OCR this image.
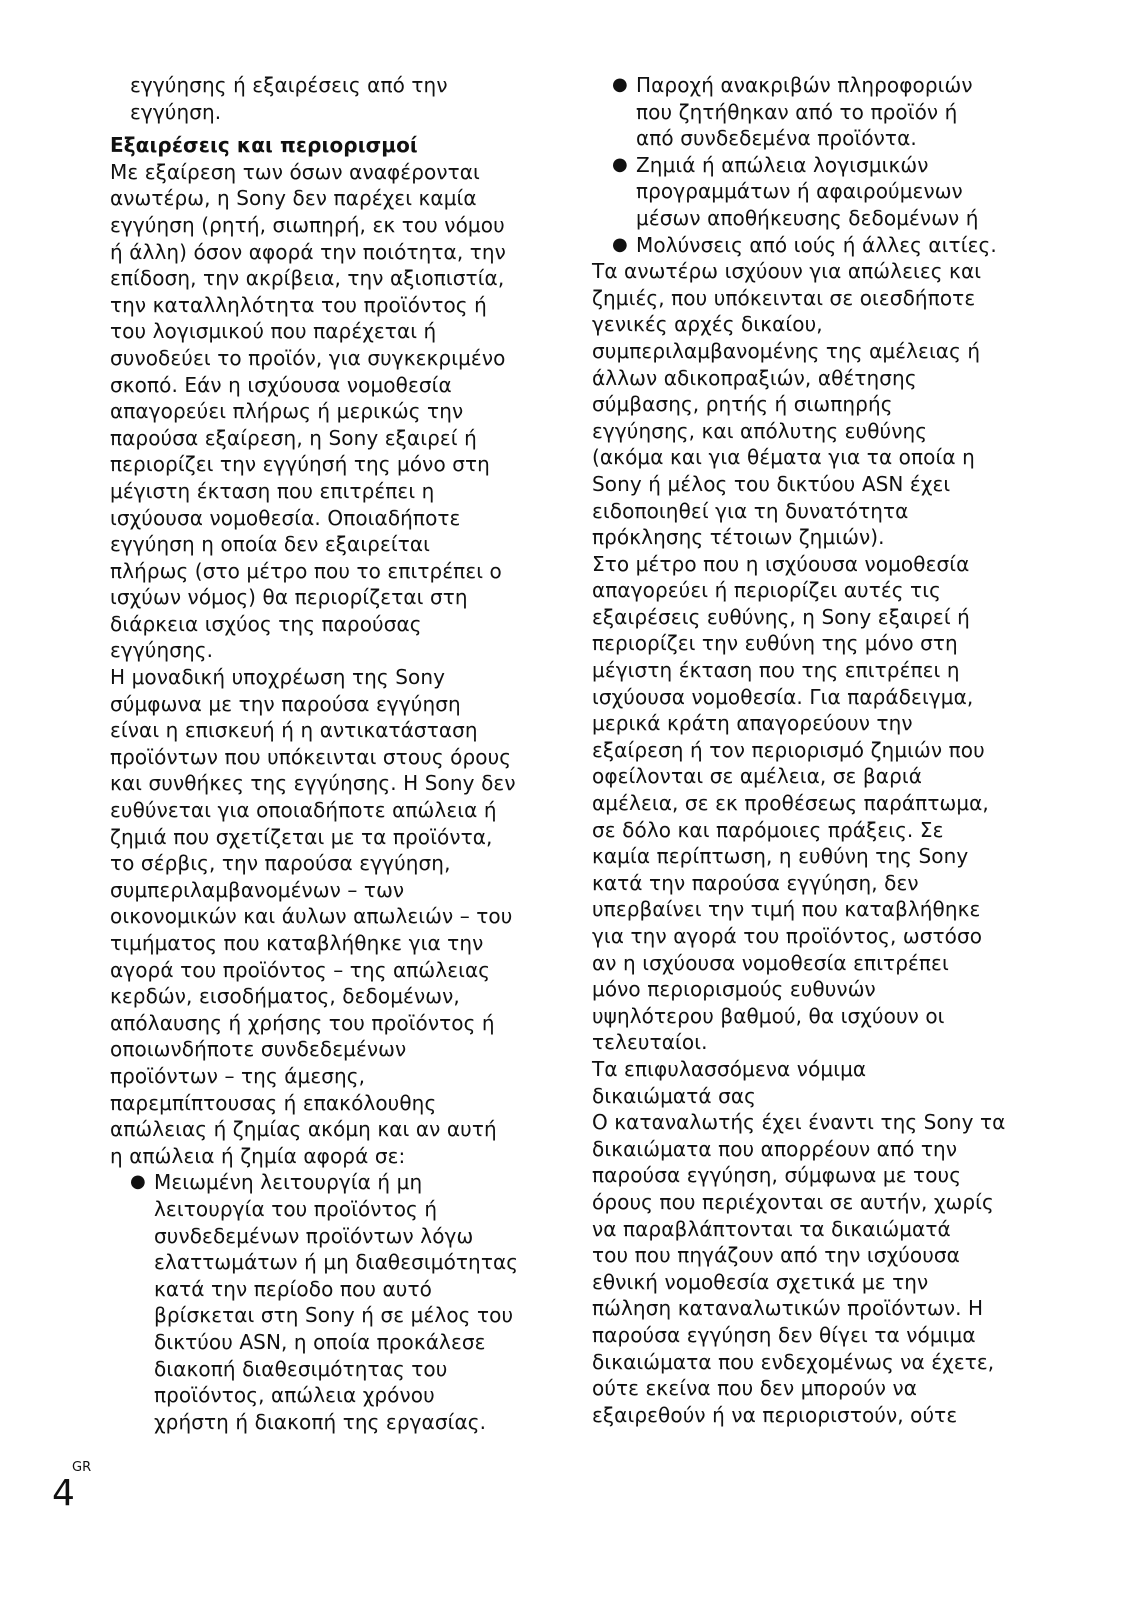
εγγύησης ή εξαιρέσεις από την
εγγύηση.
Εξαιρέσεις και περιορισμοί
Με εξαίρεση των όσων αναφέρονται
ανωτέρω, η Sony δεν παρέχει καμία
εγγύηση (ρητή, σιωπηρή, εκ του νόμου
ή άλλη) όσον αφορά την ποιότητα, την
επίδοση, την ακρίβεια, την αξιοπιστία,
την καταλληλότητα του προϊόντος ή
του λογισμικού που παρέχεται ή
συνοδεύει το προϊόν, για συγκεκριμένο
σκοπό. Εάν η ισχύουσα νομοθεσία
απαγορεύει πλήρως ή μερικώς την
παρούσα εξαίρεση, η Sony εξαιρεί ή
περιορίζει την εγγύησή της μόνο στη
μέγιστη έκταση που επιτρέπει η
ισχύουσα νομοθεσία. Οποιαδήποτε
εγγύηση η οποία δεν εξαιρείται
πλήρως (στο μέτρο που το επιτρέπει ο
ισχύων νόμος) θα περιορίζεται στη
διάρκεια ισχύος της παρούσας
εγγύησης.
Η μοναδική υποχρέωση της Sony
σύμφωνα με την παρούσα εγγύηση
είναι η επισκευή ή η αντικατάσταση
προϊόντων που υπόκεινται στους όρους
και συνθήκες της εγγύησης. Η Sony δεν
ευθύνεται για οποιαδήποτε απώλεια ή
ζημιά που σχετίζεται με τα προϊόντα,
το σέρβις, την παρούσα εγγύηση,
συμπεριλαμβανομένων – των
οικονομικών και άυλων απωλειών – του
τιμήματος που καταβλήθηκε για την
αγορά του προϊόντος – της απώλειας
κερδών, εισοδήματος, δεδομένων,
απόλαυσης ή χρήσης του προϊόντος ή
οποιωνδήποτε συνδεδεμένων
προϊόντων – της άμεσης,
παρεμπίπτουσας ή επακόλουθης
απώλειας ή ζημίας ακόμη και αν αυτή
η απώλεια ή ζημία αφορά σε:
● Μειωμένη λειτουργία ή μη
λειτουργία του προϊόντος ή
συνδεδεμένων προϊόντων λόγω
ελαττωμάτων ή μη διαθεσιμότητας
κατά την περίοδο που αυτό
βρίσκεται στη Sony ή σε μέλος του
δικτύου ASN, η οποία προκάλεσε
διακοπή διαθεσιμότητας του
προϊόντος, απώλεια χρόνου
χρήστη ή διακοπή της εργασίας.
● Παροχή ανακριβών πληροφοριών
που ζητήθηκαν από το προϊόν ή
από συνδεδεμένα προϊόντα.
● Ζημιά ή απώλεια λογισμικών
προγραμμάτων ή αφαιρούμενων
μέσων αποθήκευσης δεδομένων ή
● Μολύνσεις από ιούς ή άλλες αιτίες.
Τα ανωτέρω ισχύουν για απώλειες και
ζημιές, που υπόκεινται σε οιεσδήποτε
γενικές αρχές δικαίου,
συμπεριλαμβανομένης της αμέλειας ή
άλλων αδικοπραξιών, αθέτησης
σύμβασης, ρητής ή σιωπηρής
εγγύησης, και απόλυτης ευθύνης
(ακόμα και για θέματα για τα οποία η
Sony ή μέλος του δικτύου ASN έχει
ειδοποιηθεί για τη δυνατότητα
πρόκλησης τέτοιων ζημιών).
Στο μέτρο που η ισχύουσα νομοθεσία
απαγορεύει ή περιορίζει αυτές τις
εξαιρέσεις ευθύνης, η Sony εξαιρεί ή
περιορίζει την ευθύνη της μόνο στη
μέγιστη έκταση που της επιτρέπει η
ισχύουσα νομοθεσία. Για παράδειγμα,
μερικά κράτη απαγορεύουν την
εξαίρεση ή τον περιορισμό ζημιών που
οφείλονται σε αμέλεια, σε βαριά
αμέλεια, σε εκ προθέσεως παράπτωμα,
σε δόλο και παρόμοιες πράξεις. Σε
καμία περίπτωση, η ευθύνη της Sony
κατά την παρούσα εγγύηση, δεν
υπερβαίνει την τιμή που καταβλήθηκε
για την αγορά του προϊόντος, ωστόσο
αν η ισχύουσα νομοθεσία επιτρέπει
μόνο περιορισμούς ευθυνών
υψηλότερου βαθμού, θα ισχύουν οι
τελευταίοι.
Τα επιφυλασσόμενα νόμιμα
δικαιώματά σας
Ο καταναλωτής έχει έναντι της Sony τα
δικαιώματα που απορρέουν από την
παρούσα εγγύηση, σύμφωνα με τους
όρους που περιέχονται σε αυτήν, χωρίς
να παραβλάπτονται τα δικαιώματά
του που πηγάζουν από την ισχύουσα
εθνική νομοθεσία σχετικά με την
πώληση καταναλωτικών προϊόντων. Η
παρούσα εγγύηση δεν θίγει τα νόμιμα
δικαιώματα που ενδεχομένως να έχετε,
ούτε εκείνα που δεν μπορούν να
εξαιρεθούν ή να περιοριστούν, ούτε
GR
4
